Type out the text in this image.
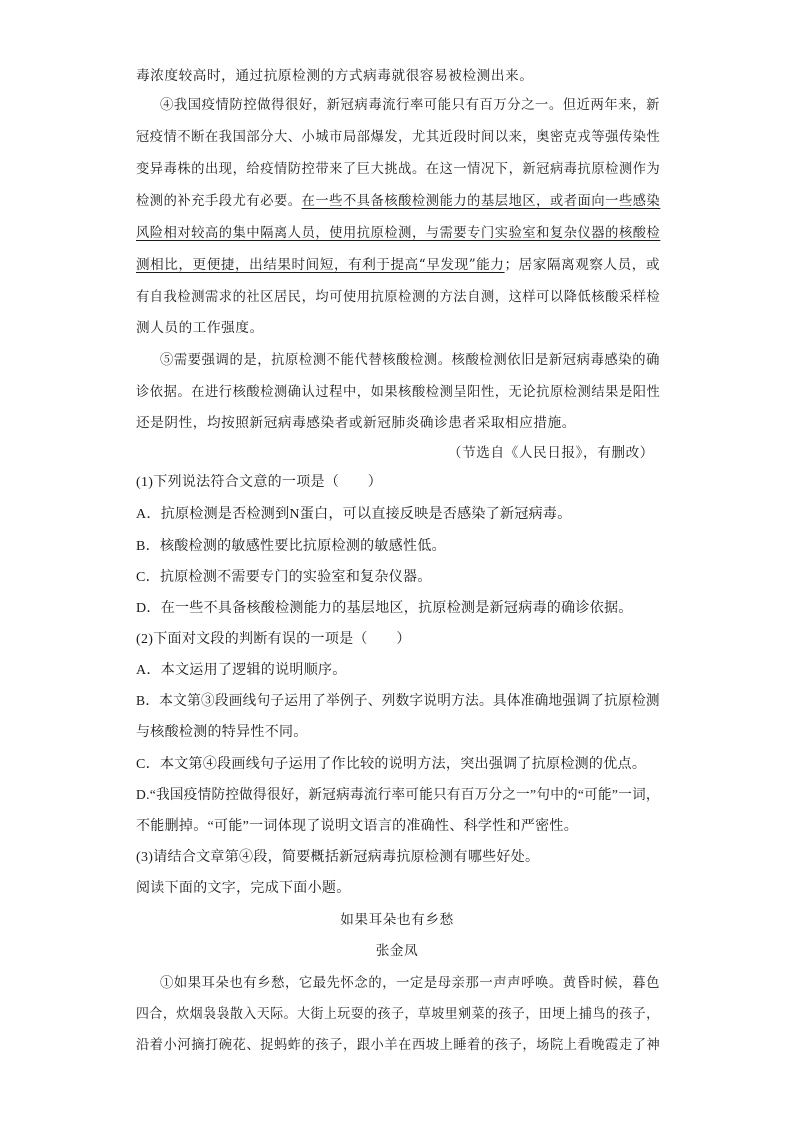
毒浓度较高时，通过抗原检测的方式病毒就很容易被检测出来。
④我国疫情防控做得很好，新冠病毒流行率可能只有百万分之一。但近两年来，新
冠疫情不断在我国部分大、小城市局部爆发，尤其近段时间以来，奥密克戎等强传染性
变异毒株的出现，给疫情防控带来了巨大挑战。在这一情况下，新冠病毒抗原检测作为
检测的补充手段尤有必要。在一些不具备核酸检测能力的基层地区，或者面向一些感染
风险相对较高的集中隔离人员，使用抗原检测，与需要专门实验室和复杂仪器的核酸检
测相比，更便捷，出结果时间短，有利于提高“早发现”能力；居家隔离观察人员，或
有自我检测需求的社区居民，均可使用抗原检测的方法自测，这样可以降低核酸采样检
测人员的工作强度。
⑤需要强调的是，抗原检测不能代替核酸检测。核酸检测依旧是新冠病毒感染的确
诊依据。在进行核酸检测确认过程中，如果核酸检测呈阳性，无论抗原检测结果是阳性
还是阴性，均按照新冠病毒感染者或新冠肺炎确诊患者采取相应措施。
（节选自《人民日报》，有删改）
(1)下列说法符合文意的一项是（　　）
A．抗原检测是否检测到N蛋白，可以直接反映是否感染了新冠病毒。
B．核酸检测的敏感性要比抗原检测的敏感性低。
C．抗原检测不需要专门的实验室和复杂仪器。
D．在一些不具备核酸检测能力的基层地区，抗原检测是新冠病毒的确诊依据。
(2)下面对文段的判断有误的一项是（　　）
A．本文运用了逻辑的说明顺序。
B．本文第③段画线句子运用了举例子、列数字说明方法。具体准确地强调了抗原检测
与核酸检测的特异性不同。
C．本文第④段画线句子运用了作比较的说明方法，突出强调了抗原检测的优点。
D.“我国疫情防控做得很好，新冠病毒流行率可能只有百万分之一”句中的“可能”一词，
不能删掉。“可能”一词体现了说明文语言的准确性、科学性和严密性。
(3)请结合文章第④段，简要概括新冠病毒抗原检测有哪些好处。
阅读下面的文字，完成下面小题。
如果耳朵也有乡愁
张金凤
①如果耳朵也有乡愁，它最先怀念的，一定是母亲那一声声呼唤。黄昏时候，暮色
四合，炊烟袅袅散入天际。大街上玩耍的孩子，草坡里剜菜的孩子，田埂上捕鸟的孩子，
沿着小河摘打碗花、捉蚂蚱的孩子，跟小羊在西坡上睡着的孩子，场院上看晚霞走了神
